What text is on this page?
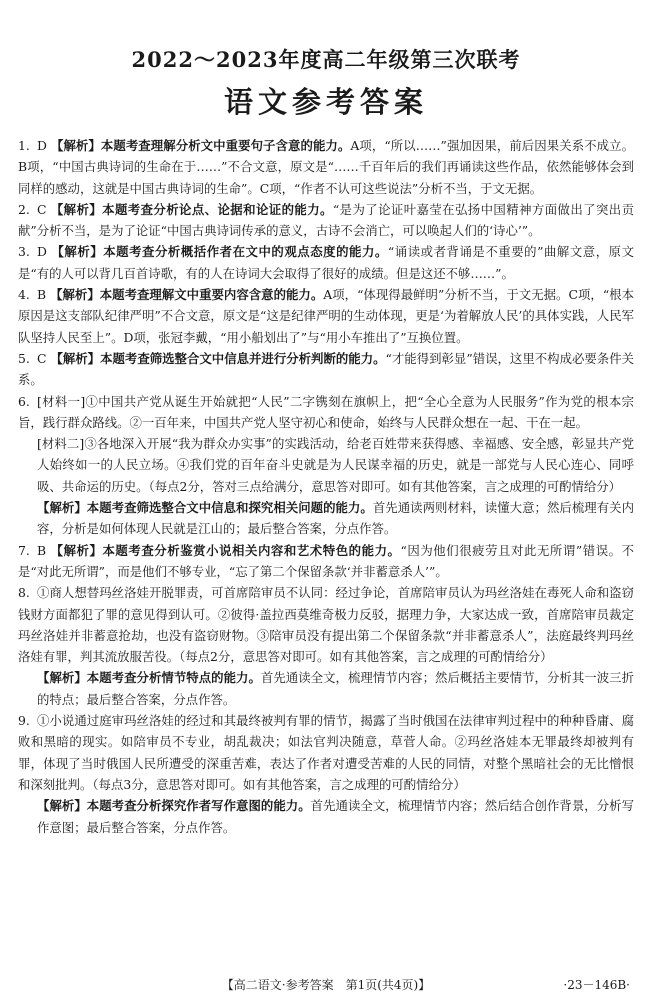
2022～2023年度高二年级第三次联考
语文参考答案

1. D 【解析】本题考查理解分析文中重要句子含意的能力。A项，“所以……”强加因果，前后因果关系不成立。B项，“中国古典诗词的生命在于……”不合文意，原文是“……千百年后的我们再诵读这些作品，依然能够体会到同样的感动，这就是中国古典诗词的生命”。C项，“作者不认可这些说法”分析不当，于文无据。

2. C 【解析】本题考查分析论点、论据和论证的能力。“是为了论证叶嘉莹在弘扬中国精神方面做出了突出贡献”分析不当，是为了论证“中国古典诗词传承的意义，古诗不会消亡，可以唤起人们的‘诗心’”。

3. D 【解析】本题考查分析概括作者在文中的观点态度的能力。“诵读或者背诵是不重要的”曲解文意，原文是“有的人可以背几百首诗歌，有的人在诗词大会取得了很好的成绩。但是这还不够……”。

4. B 【解析】本题考查理解文中重要内容含意的能力。A项，“体现得最鲜明”分析不当，于文无据。C项，“根本原因是这支部队纪律严明”不合文意，原文是“这是纪律严明的生动体现，更是‘为着解放人民’的具体实践，人民军队坚持人民至上”。D项，张冠李戴，“用小船划出了”与“用小车推出了”互换位置。

5. C 【解析】本题考查筛选整合文中信息并进行分析判断的能力。“才能得到彰显”错误，这里不构成必要条件关系。

6. [材料一]①中国共产党从诞生开始就把“人民”二字镌刻在旗帜上，把“全心全意为人民服务”作为党的根本宗旨，践行群众路线。②一百年来，中国共产党人坚守初心和使命，始终与人民群众想在一起、干在一起。

[材料二]③各地深入开展“我为群众办实事”的实践活动，给老百姓带来获得感、幸福感、安全感，彰显共产党人始终如一的人民立场。④我们党的百年奋斗史就是为人民谋幸福的历史，就是一部党与人民心连心、同呼吸、共命运的历史。（每点2分，答对三点给满分，意思答对即可。如有其他答案，言之成理的可酌情给分）

【解析】本题考查筛选整合文中信息和探究相关问题的能力。首先通读两则材料，读懂大意；然后梳理有关内容，分析是如何体现人民就是江山的；最后整合答案，分点作答。

7. B 【解析】本题考查分析鉴赏小说相关内容和艺术特色的能力。“因为他们很疲劳且对此无所谓”错误。不是“对此无所谓”，而是他们不够专业，“忘了第二个保留条款‘并非蓄意杀人’”。

8. ①商人想替玛丝洛娃开脱罪责，可首席陪审员不认同：经过争论，首席陪审员认为玛丝洛娃在毒死人命和盗窃钱财方面都犯了罪的意见得到认可。②彼得·盖拉西莫维奇极力反驳，据理力争，大家达成一致，首席陪审员裁定玛丝洛娃并非蓄意抢劫，也没有盗窃财物。③陪审员没有提出第二个保留条款“并非蓄意杀人”，法庭最终判玛丝洛娃有罪，判其流放服苦役。（每点2分，意思答对即可。如有其他答案，言之成理的可酌情给分）

【解析】本题考查分析情节特点的能力。首先通读全文，梳理情节内容；然后概括主要情节，分析其一波三折的特点；最后整合答案，分点作答。

9. ①小说通过庭审玛丝洛娃的经过和其最终被判有罪的情节，揭露了当时俄国在法律审判过程中的种种昏庸、腐败和黑暗的现实。如陪审员不专业，胡乱裁决；如法官判决随意，草菅人命。②玛丝洛娃本无罪最终却被判有罪，体现了当时俄国人民所遭受的深重苦难，表达了作者对遭受苦难的人民的同情，对整个黑暗社会的无比憎恨和深刻批判。（每点3分，意思答对即可。如有其他答案，言之成理的可酌情给分）

【解析】本题考查分析探究作者写作意图的能力。首先通读全文，梳理情节内容；然后结合创作背景，分析写作意图；最后整合答案，分点作答。

【高二语文·参考答案　第1页(共4页)】	·23－146B·
